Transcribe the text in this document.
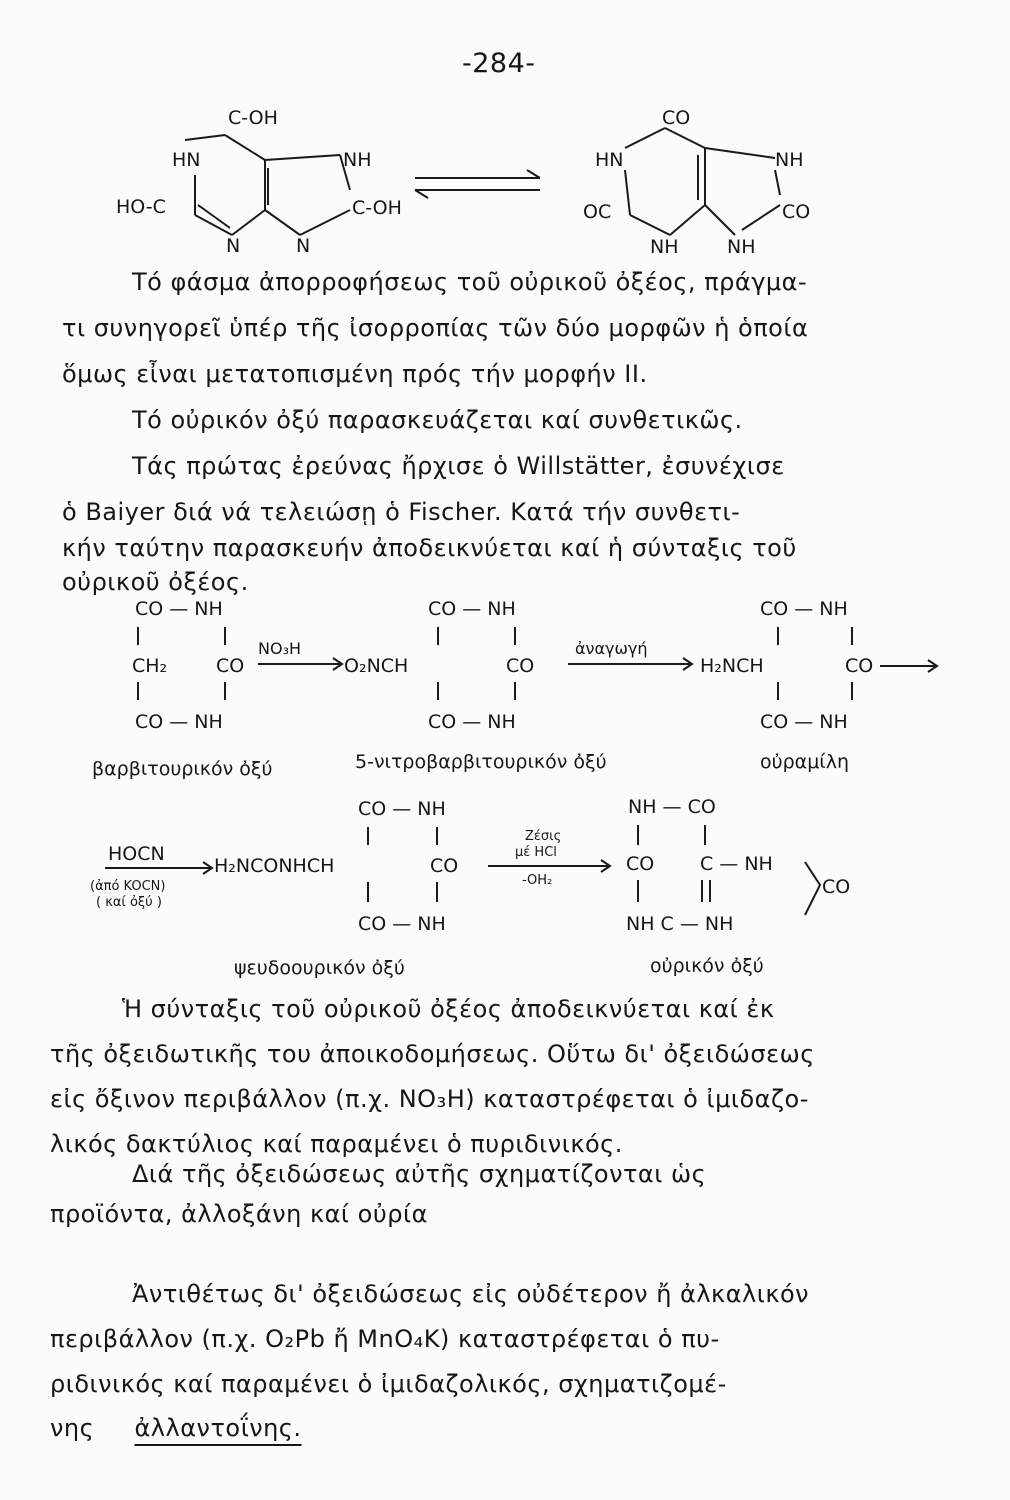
-284-
C-OH
HN	NH
HO-C	C-OH
N	N
CO
HN	NH
OC	CO
NH	NH
Τό φάσμα ἀπορροφήσεως τοῦ οὐρικοῦ ὀξέος, πράγμα-
τι συνηγορεῖ ὑπέρ τῆς ἰσορροπίας τῶν δύο μορφῶν ἡ ὁποία
ὅμως εἶναι μετατοπισμένη πρός τήν μορφήν II.
Τό οὐρικόν ὀξύ παρασκευάζεται καί συνθετικῶς.
Τάς πρώτας ἐρεύνας ἤρχισε ὁ Willstätter, ἐσυνέχισε
ὁ Baiyer διά νά τελειώσῃ ὁ Fischer. Κατά τήν συνθετι-
κήν ταύτην παρασκευήν ἀποδεικνύεται καί ἡ σύνταξις τοῦ
οὐρικοῦ ὀξέος.
CO — NH
CH₂	CO
CO — NH
βαρβιτουρικόν ὀξύ
NO₃H
CO — NH
O₂NCH	CO
CO — NH
5-νιτροβαρβιτουρικόν ὀξύ
ἀναγωγή
CO — NH
H₂NCH	CO
CO — NH
οὐραμίλη
CO — NH
HOCN
(ἀπό KOCN)
( καί ὀξύ )
H₂NCONHCH	CO
CO — NH
ψευδοουρικόν ὀξύ
Ζέσις
μέ HCl
-OH₂
NH — CO
CO C — NH
NH C — NH
CO
οὐρικόν ὀξύ
Ἡ σύνταξις τοῦ οὐρικοῦ ὀξέος ἀποδεικνύεται καί ἐκ
τῆς ὀξειδωτικῆς του ἀποικοδομήσεως. Οὕτω δι' ὀξειδώσεως
εἰς ὄξινον περιβάλλον (π.χ. NO₃H) καταστρέφεται ὁ ἰμιδαζο-
λικός δακτύλιος καί παραμένει ὁ πυριδινικός.
Διά τῆς ὀξειδώσεως αὐτῆς σχηματίζονται ὡς
προϊόντα, ἀλλοξάνη καί οὐρία
Ἀντιθέτως δι' ὀξειδώσεως εἰς οὐδέτερον ἤ ἀλκαλικόν
περιβάλλον (π.χ. O₂Pb ἤ MnO₄K) καταστρέφεται ὁ πυ-
ριδινικός καί παραμένει ὁ ἰμιδαζολικός, σχηματιζομέ-
νης ἀλλαντοΐνης.
